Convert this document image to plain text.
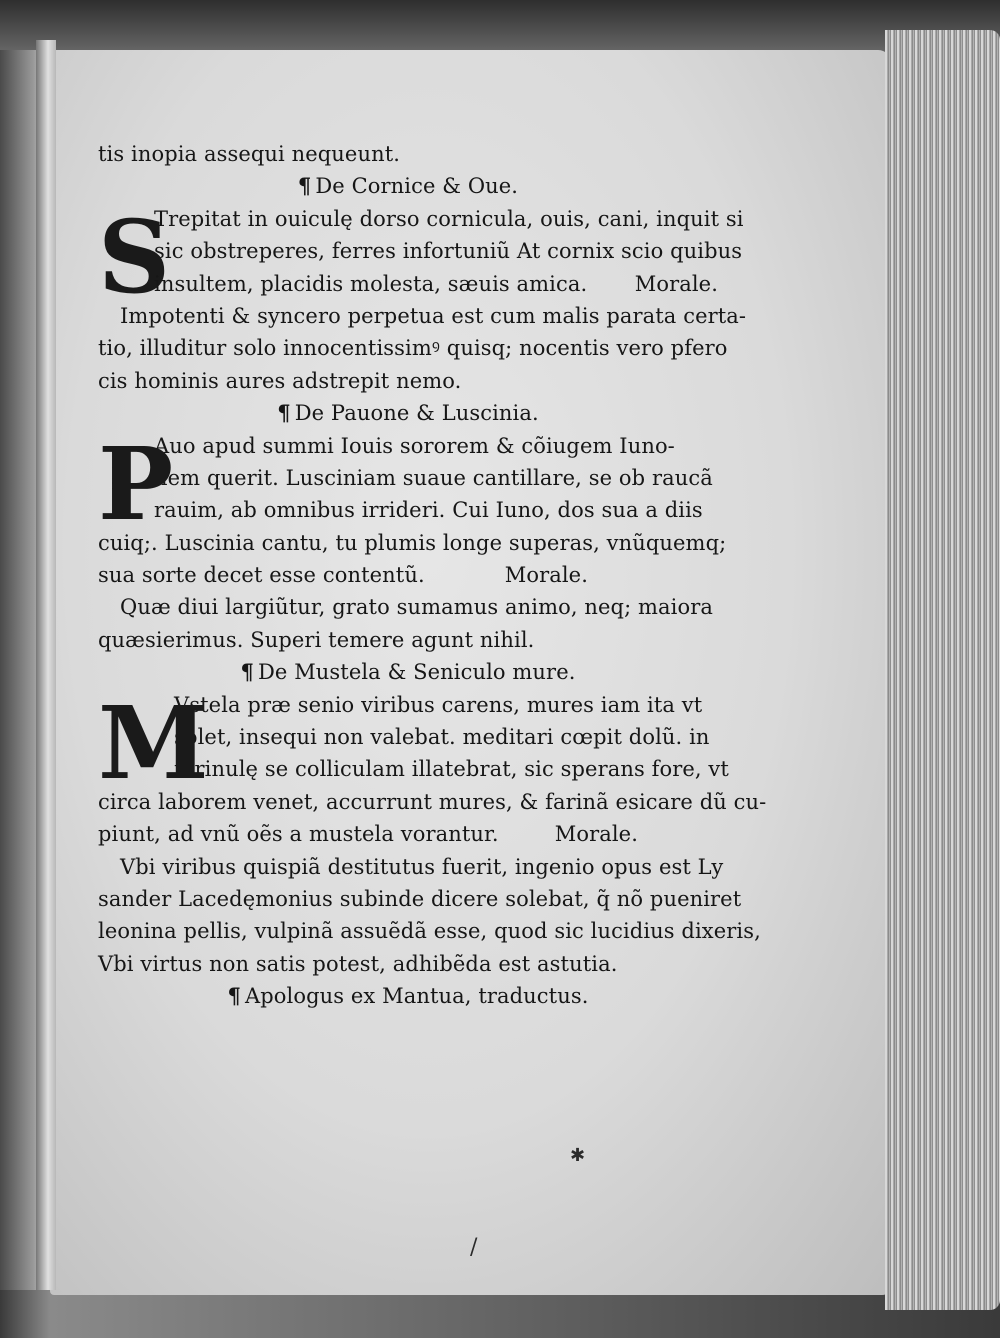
tis inopia assequi nequeunt.
¶ De Cornice & Oue.
S
Trepitat in ouiculę dorso cornicula, ouis, cani, inquit si
sic obstreperes, ferres infortuniũ At cornix scio quibus
insultem, placidis molesta, sæuis amica. Morale.
Impotenti & syncero perpetua est cum malis parata certa-
tio, illuditur solo innocentissimꝰ quisq; nocentis vero pfero
cis hominis aures adstrepit nemo.
¶ De Pauone & Luscinia.
P
Auo apud summi Iouis sororem & cõiugem Iuno-
nem querit. Lusciniam suaue cantillare, se ob raucã
rauim, ab omnibus irrideri. Cui Iuno, dos sua a diis
cuiq;. Luscinia cantu, tu plumis longe superas, vnũquemq;
sua sorte decet esse contentũ.	Morale.
Quæ diui largiũtur, grato sumamus animo, neq; maiora
quæsierimus. Superi temere agunt nihil.
¶ De Mustela & Seniculo mure.
M
Vstela præ senio viribus carens, mures iam ita vt
solet, insequi non valebat. meditari cœpit dolũ. in
farinulę se colliculam illatebrat, sic sperans fore, vt
circa laborem venet, accurrunt mures, & farinã esicare dũ cu-
piunt, ad vnũ oẽs a mustela vorantur.	Morale.
Vbi viribus quispiã destitutus fuerit, ingenio opus est Ly
sander Lacedęmonius subinde dicere solebat, q̃ nõ pueniret
leonina pellis, vulpinã assuẽdã esse, quod sic lucidius dixeris,
Vbi virtus non satis potest, adhibẽda est astutia.
¶ Apologus ex Mantua, traductus.
✱
/
